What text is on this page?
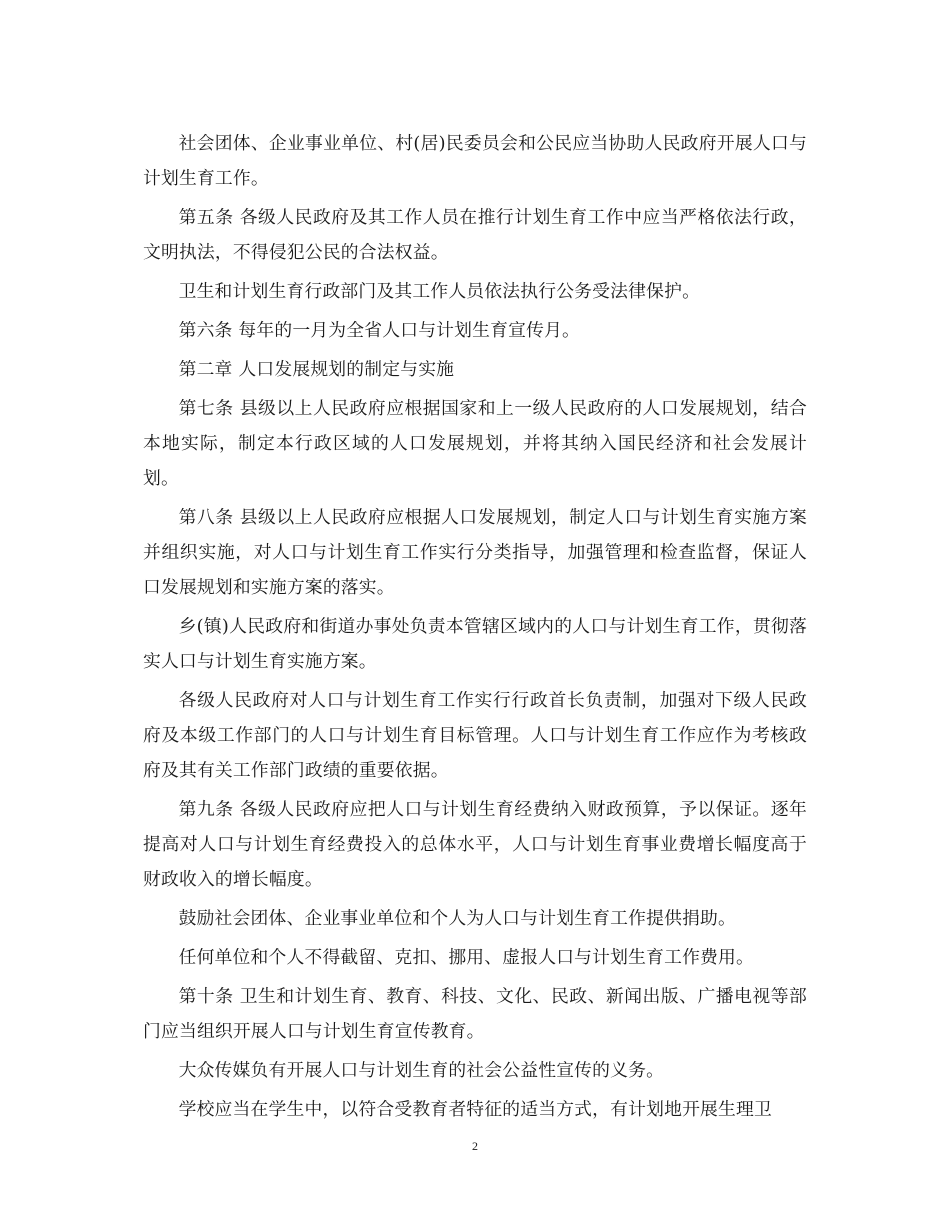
社会团体、企业事业单位、村(居)民委员会和公民应当协助人民政府开展人口与计划生育工作。

第五条 各级人民政府及其工作人员在推行计划生育工作中应当严格依法行政，文明执法，不得侵犯公民的合法权益。

卫生和计划生育行政部门及其工作人员依法执行公务受法律保护。

第六条 每年的一月为全省人口与计划生育宣传月。

第二章 人口发展规划的制定与实施

第七条 县级以上人民政府应根据国家和上一级人民政府的人口发展规划，结合本地实际，制定本行政区域的人口发展规划，并将其纳入国民经济和社会发展计划。

第八条 县级以上人民政府应根据人口发展规划，制定人口与计划生育实施方案并组织实施，对人口与计划生育工作实行分类指导，加强管理和检查监督，保证人口发展规划和实施方案的落实。

乡(镇)人民政府和街道办事处负责本管辖区域内的人口与计划生育工作，贯彻落实人口与计划生育实施方案。

各级人民政府对人口与计划生育工作实行行政首长负责制，加强对下级人民政府及本级工作部门的人口与计划生育目标管理。人口与计划生育工作应作为考核政府及其有关工作部门政绩的重要依据。

第九条 各级人民政府应把人口与计划生育经费纳入财政预算，予以保证。逐年提高对人口与计划生育经费投入的总体水平，人口与计划生育事业费增长幅度高于财政收入的增长幅度。

鼓励社会团体、企业事业单位和个人为人口与计划生育工作提供捐助。

任何单位和个人不得截留、克扣、挪用、虚报人口与计划生育工作费用。

第十条 卫生和计划生育、教育、科技、文化、民政、新闻出版、广播电视等部门应当组织开展人口与计划生育宣传教育。

大众传媒负有开展人口与计划生育的社会公益性宣传的义务。

学校应当在学生中，以符合受教育者特征的适当方式，有计划地开展生理卫

2
